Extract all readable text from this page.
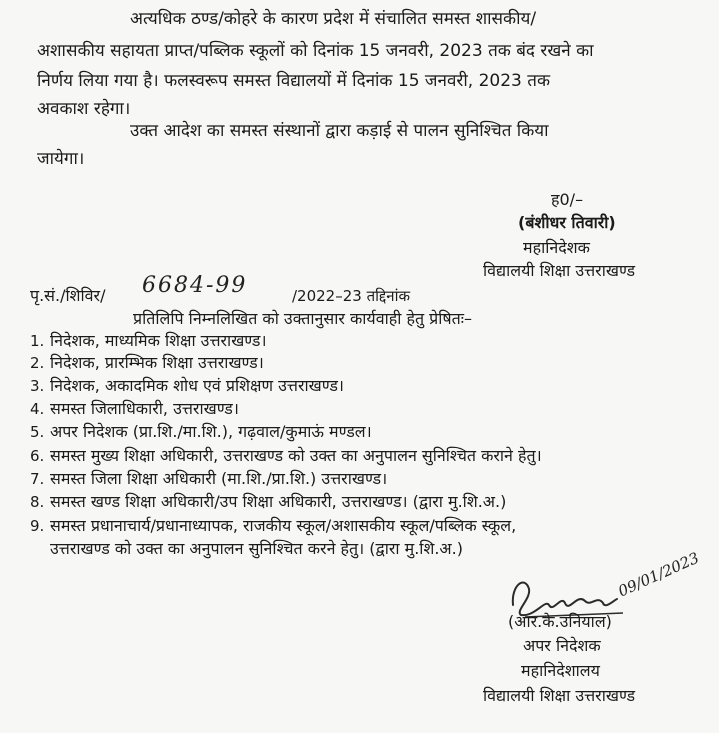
अत्यधिक ठण्ड/कोहरे के कारण प्रदेश में संचालित समस्त शासकीय/
अशासकीय सहायता प्राप्त/पब्लिक स्कूलों को दिनांक 15 जनवरी, 2023 तक बंद रखने का
निर्णय लिया गया है। फलस्वरूप समस्त विद्यालयों में दिनांक 15 जनवरी, 2023 तक
अवकाश रहेगा।
उक्त आदेश का समस्त संस्थानों द्वारा कड़ाई से पालन सुनिश्चित किया
जायेगा।
ह0/–
(बंशीधर तिवारी)
महानिदेशक
विद्यालयी शिक्षा उत्तराखण्ड
पृ.सं./शिविर/ 6684-99	/2022–23 तद्दिनांक
प्रतिलिपि निम्नलिखित को उक्तानुसार कार्यवाही हेतु प्रेषितः–
1. निदेशक, माध्यमिक शिक्षा उत्तराखण्ड।
2. निदेशक, प्रारम्भिक शिक्षा उत्तराखण्ड।
3. निदेशक, अकादमिक शोध एवं प्रशिक्षण उत्तराखण्ड।
4. समस्त जिलाधिकारी, उत्तराखण्ड।
5. अपर निदेशक (प्रा.शि./मा.शि.), गढ़वाल/कुमाऊं मण्डल।
6. समस्त मुख्य शिक्षा अधिकारी, उत्तराखण्ड को उक्त का अनुपालन सुनिश्चित कराने हेतु।
7. समस्त जिला शिक्षा अधिकारी (मा.शि./प्रा.शि.) उत्तराखण्ड।
8. समस्त खण्ड शिक्षा अधिकारी/उप शिक्षा अधिकारी, उत्तराखण्ड। (द्वारा मु.शि.अ.)
9. समस्त प्रधानाचार्य/प्रधानाध्यापक, राजकीय स्कूल/अशासकीय स्कूल/पब्लिक स्कूल,
उत्तराखण्ड को उक्त का अनुपालन सुनिश्चित करने हेतु। (द्वारा मु.शि.अ.)
09/01/2023
(आर.के.उनियाल)
अपर निदेशक
महानिदेशालय
विद्यालयी शिक्षा उत्तराखण्ड
